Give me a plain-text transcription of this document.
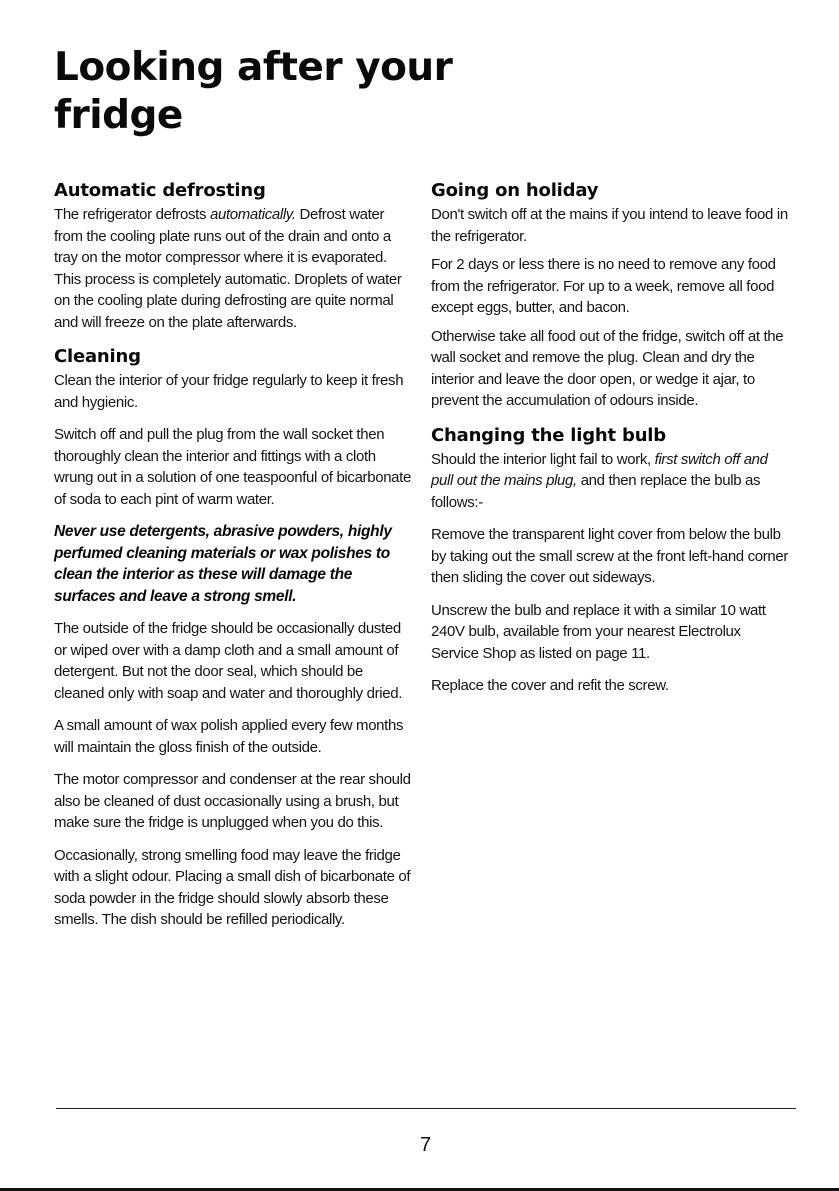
Looking after your
fridge
Automatic defrosting

The refrigerator defrosts automatically. Defrost water from the cooling plate runs out of the drain and onto a tray on the motor compressor where it is evaporated. This process is completely automatic. Droplets of water on the cooling plate during defrosting are quite normal and will freeze on the plate afterwards.

Cleaning

Clean the interior of your fridge regularly to keep it fresh and hygienic.

Switch off and pull the plug from the wall socket then thoroughly clean the interior and fittings with a cloth wrung out in a solution of one teaspoonful of bicarbonate of soda to each pint of warm water.

Never use detergents, abrasive powders, highly perfumed cleaning materials or wax polishes to clean the interior as these will damage the surfaces and leave a strong smell.

The outside of the fridge should be occasionally dusted or wiped over with a damp cloth and a small amount of detergent. But not the door seal, which should be cleaned only with soap and water and thoroughly dried.

A small amount of wax polish applied every few months will maintain the gloss finish of the outside.

The motor compressor and condenser at the rear should also be cleaned of dust occasionally using a brush, but make sure the fridge is unplugged when you do this.

Occasionally, strong smelling food may leave the fridge with a slight odour. Placing a small dish of bicarbonate of soda powder in the fridge should slowly absorb these smells. The dish should be refilled periodically.

Going on holiday

Don't switch off at the mains if you intend to leave food in the refrigerator.

For 2 days or less there is no need to remove any food from the refrigerator. For up to a week, remove all food except eggs, butter, and bacon.

Otherwise take all food out of the fridge, switch off at the wall socket and remove the plug. Clean and dry the interior and leave the door open, or wedge it ajar, to prevent the accumulation of odours inside.

Changing the light bulb

Should the interior light fail to work, first switch off and pull out the mains plug, and then replace the bulb as follows:-

Remove the transparent light cover from below the bulb by taking out the small screw at the front left-hand corner then sliding the cover out sideways.

Unscrew the bulb and replace it with a similar 10 watt 240V bulb, available from your nearest Electrolux Service Shop as listed on page 11.

Replace the cover and refit the screw.

7
